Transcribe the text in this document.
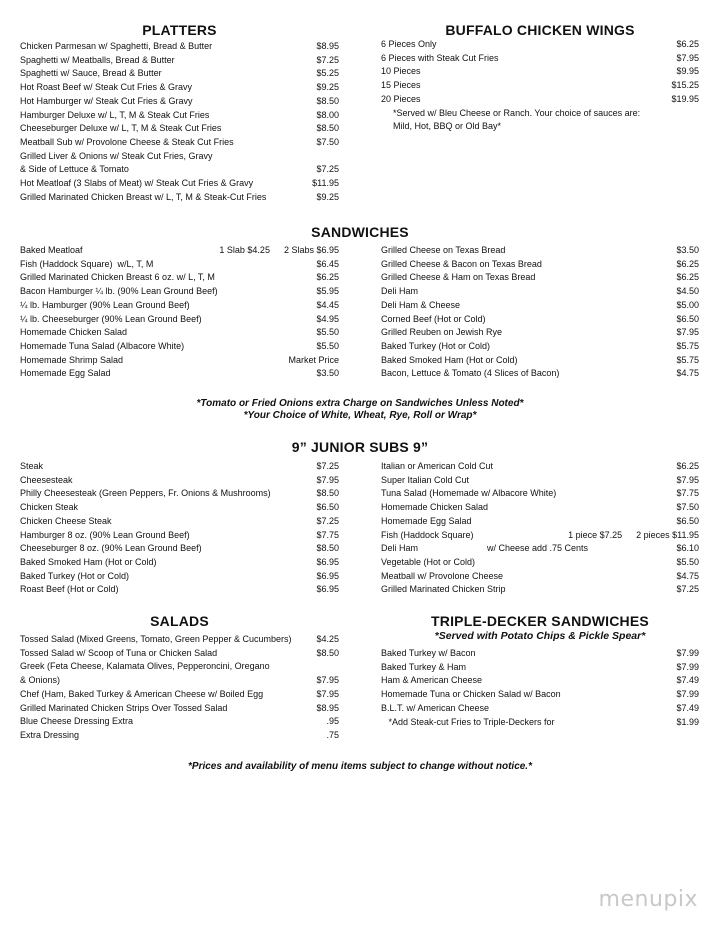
PLATTERS
Chicken Parmesan w/ Spaghetti, Bread & Butter	$8.95
Spaghetti w/ Meatballs, Bread & Butter	$7.25
Spaghetti w/ Sauce, Bread & Butter	$5.25
Hot Roast Beef w/ Steak Cut Fries & Gravy	$9.25
Hot Hamburger w/ Steak Cut Fries & Gravy	$8.50
Hamburger Deluxe w/ L, T, M & Steak Cut Fries	$8.00
Cheeseburger Deluxe w/ L, T, M & Steak Cut Fries	$8.50
Meatball Sub w/ Provolone Cheese & Steak Cut Fries	$7.50
Grilled Liver & Onions w/ Steak Cut Fries, Gravy
& Side of Lettuce & Tomato	$7.25
Hot Meatloaf (3 Slabs of Meat) w/ Steak Cut Fries & Gravy	$11.95
Grilled Marinated Chicken Breast w/ L, T, M & Steak-Cut Fries	$9.25
BUFFALO CHICKEN WINGS
6 Pieces Only	$6.25
6 Pieces with Steak Cut Fries	$7.95
10 Pieces	$9.95
15 Pieces	$15.25
20 Pieces	$19.95
*Served w/ Bleu Cheese or Ranch. Your choice of sauces are:
Mild, Hot, BBQ or Old Bay*
SANDWICHES
Baked Meatloaf	1 Slab $4.25 2 Slabs $6.95
Fish (Haddock Square)  w/L, T, M	$6.45
Grilled Marinated Chicken Breast 6 oz. w/ L, T, M	$6.25
Bacon Hamburger ¼ lb. (90% Lean Ground Beef)	$5.95
¼ lb. Hamburger (90% Lean Ground Beef)	$4.45
¼ lb. Cheeseburger (90% Lean Ground Beef)	$4.95
Homemade Chicken Salad	$5.50
Homemade Tuna Salad (Albacore White)	$5.50
Homemade Shrimp Salad	Market Price
Homemade Egg Salad	$3.50
Grilled Cheese on Texas Bread	$3.50
Grilled Cheese & Bacon on Texas Bread	$6.25
Grilled Cheese & Ham on Texas Bread	$6.25
Deli Ham	$4.50
Deli Ham & Cheese	$5.00
Corned Beef (Hot or Cold)	$6.50
Grilled Reuben on Jewish Rye	$7.95
Baked Turkey (Hot or Cold)	$5.75
Baked Smoked Ham (Hot or Cold)	$5.75
Bacon, Lettuce & Tomato (4 Slices of Bacon)	$4.75
*Tomato or Fried Onions extra Charge on Sandwiches Unless Noted*
*Your Choice of White, Wheat, Rye, Roll or Wrap*
9” JUNIOR SUBS 9”
Steak	$7.25
Cheesesteak	$7.95
Philly Cheesesteak (Green Peppers, Fr. Onions & Mushrooms)	$8.50
Chicken Steak	$6.50
Chicken Cheese Steak	$7.25
Hamburger 8 oz. (90% Lean Ground Beef)	$7.75
Cheeseburger 8 oz. (90% Lean Ground Beef)	$8.50
Baked Smoked Ham (Hot or Cold)	$6.95
Baked Turkey (Hot or Cold)	$6.95
Roast Beef (Hot or Cold)	$6.95
Italian or American Cold Cut	$6.25
Super Italian Cold Cut	$7.95
Tuna Salad (Homemade w/ Albacore White)	$7.75
Homemade Chicken Salad	$7.50
Homemade Egg Salad	$6.50
Fish (Haddock Square)	1 piece $7.25 2 pieces $11.95
Deli Ham	w/ Cheese add .75 Cents	$6.10
Vegetable (Hot or Cold)	$5.50
Meatball w/ Provolone Cheese	$4.75
Grilled Marinated Chicken Strip	$7.25
SALADS
Tossed Salad (Mixed Greens, Tomato, Green Pepper & Cucumbers)	$4.25
Tossed Salad w/ Scoop of Tuna or Chicken Salad	$8.50
Greek (Feta Cheese, Kalamata Olives, Pepperoncini, Oregano
& Onions)	$7.95
Chef (Ham, Baked Turkey & American Cheese w/ Boiled Egg	$7.95
Grilled Marinated Chicken Strips Over Tossed Salad	$8.95
Blue Cheese Dressing Extra	.95
Extra Dressing	.75
TRIPLE-DECKER SANDWICHES
*Served with Potato Chips & Pickle Spear*
Baked Turkey w/ Bacon	$7.99
Baked Turkey & Ham	$7.99
Ham & American Cheese	$7.49
Homemade Tuna or Chicken Salad w/ Bacon	$7.99
B.L.T. w/ American Cheese	$7.49
*Add Steak-cut Fries to Triple-Deckers for	$1.99
*Prices and availability of menu items subject to change without notice.*
menupix
